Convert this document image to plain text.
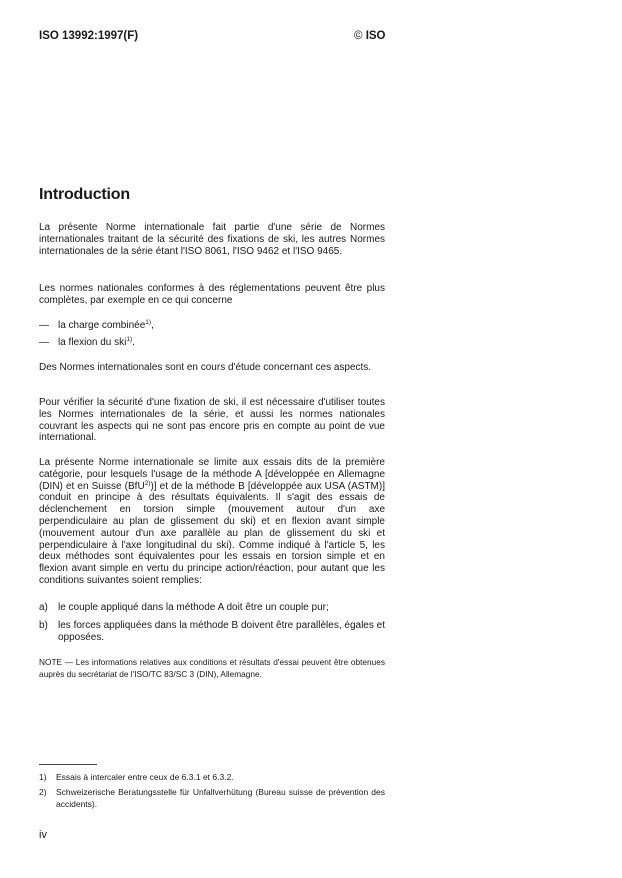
ISO 13992:1997(F)	© ISO
Introduction

La présente Norme internationale fait partie d'une série de Normes internationales traitant de la sécurité des fixations de ski, les autres Normes internationales de la série étant l'ISO 8061, l'ISO 9462 et l'ISO 9465.

Les normes nationales conformes à des réglementations peuvent être plus complètes, par exemple en ce qui concerne

— la charge combinée$^{1)}$,
— la flexion du ski$^{1)}$.

Des Normes internationales sont en cours d'étude concernant ces aspects.

Pour vérifier la sécurité d'une fixation de ski, il est nécessaire d'utiliser toutes les Normes internationales de la série, et aussi les normes nationales couvrant les aspects qui ne sont pas encore pris en compte au point de vue international.

La présente Norme internationale se limite aux essais dits de la première catégorie, pour lesquels l'usage de la méthode A [développée en Allemagne (DIN) et en Suisse (BfU$^{2)}$)] et de la méthode B [développée aux USA (ASTM)] conduit en principe à des résultats équivalents. Il s'agit des essais de déclenchement en torsion simple (mouvement autour d'un axe perpendiculaire au plan de glissement du ski) et en flexion avant simple (mouvement autour d'un axe parallèle au plan de glissement du ski et perpendiculaire à l'axe longitudinal du ski). Comme indiqué à l'article 5, les deux méthodes sont équivalentes pour les essais en torsion simple et en flexion avant simple en vertu du principe action/réaction, pour autant que les conditions suivantes soient remplies:

a) le couple appliqué dans la méthode A doit être un couple pur;
b) les forces appliquées dans la méthode B doivent être parallèles, égales et opposées.
NOTE — Les informations relatives aux conditions et résultats d'essai peuvent être obtenues auprès du secrétariat de l'ISO/TC 83/SC 3 (DIN), Allemagne.
1) Essais à intercaler entre ceux de 6.3.1 et 6.3.2.
2) Schweizerische Beratungsstelle für Unfallverhütung (Bureau suisse de prévention des accidents).
iv
